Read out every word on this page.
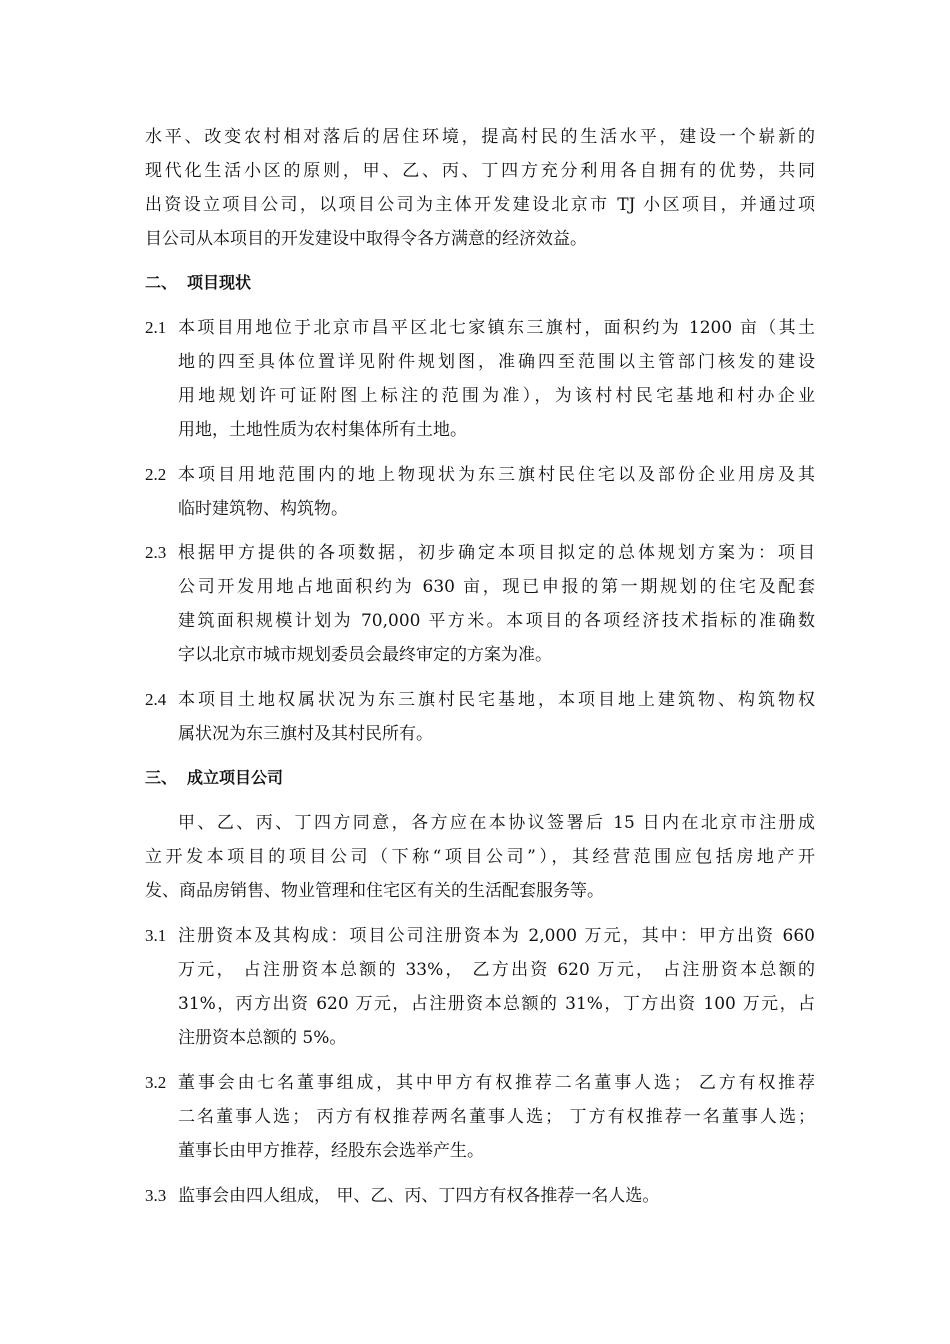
水平、改变农村相对落后的居住环境，提高村民的生活水平，建设一个崭新的
现代化生活小区的原则，甲、乙、丙、丁四方充分利用各自拥有的优势，共同
出资设立项目公司，以项目公司为主体开发建设北京市 TJ 小区项目，并通过项
目公司从本项目的开发建设中取得令各方满意的经济效益。
二、 项目现状
2.1 本项目用地位于北京市昌平区北七家镇东三旗村，面积约为 1200 亩（其土
地的四至具体位置详见附件规划图，准确四至范围以主管部门核发的建设
用地规划许可证附图上标注的范围为准），为该村村民宅基地和村办企业
用地，土地性质为农村集体所有土地。
2.2 本项目用地范围内的地上物现状为东三旗村民住宅以及部份企业用房及其
临时建筑物、构筑物。
2.3 根据甲方提供的各项数据，初步确定本项目拟定的总体规划方案为：项目
公司开发用地占地面积约为 630 亩，现已申报的第一期规划的住宅及配套
建筑面积规模计划为 70,000 平方米。本项目的各项经济技术指标的准确数
字以北京市城市规划委员会最终审定的方案为准。
2.4 本项目土地权属状况为东三旗村民宅基地，本项目地上建筑物、构筑物权
属状况为东三旗村及其村民所有。
三、 成立项目公司
甲、乙、丙、丁四方同意，各方应在本协议签署后 15 日内在北京市注册成
立开发本项目的项目公司（下称“项目公司”），其经营范围应包括房地产开
发、商品房销售、物业管理和住宅区有关的生活配套服务等。
3.1 注册资本及其构成：项目公司注册资本为 2,000 万元，其中：甲方出资 660
万元， 占注册资本总额的 33%， 乙方出资 620 万元， 占注册资本总额的
31%，丙方出资 620 万元，占注册资本总额的 31%，丁方出资 100 万元，占
注册资本总额的 5%。
3.2 董事会由七名董事组成，其中甲方有权推荐二名董事人选； 乙方有权推荐
二名董事人选； 丙方有权推荐两名董事人选； 丁方有权推荐一名董事人选；
董事长由甲方推荐，经股东会选举产生。
3.3 监事会由四人组成， 甲、乙、丙、丁四方有权各推荐一名人选。
